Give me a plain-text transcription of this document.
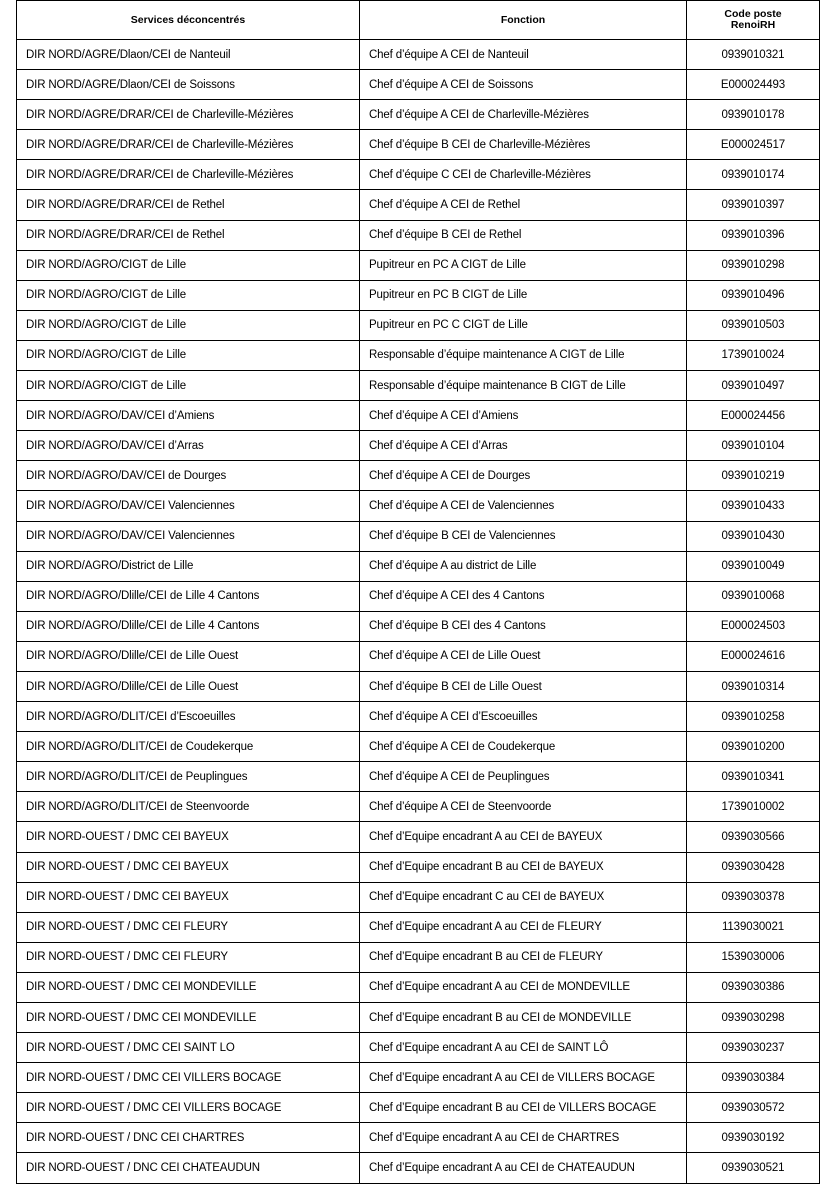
Services déconcentrés	Fonction	Code poste
RenoiRH
DIR NORD/AGRE/Dlaon/CEI de Nanteuil	Chef d’équipe A CEI de Nanteuil	0939010321
DIR NORD/AGRE/Dlaon/CEI de Soissons	Chef d’équipe A CEI de Soissons	E000024493
DIR NORD/AGRE/DRAR/CEI de Charleville-Mézières	Chef d’équipe A CEI de Charleville-Mézières	0939010178
DIR NORD/AGRE/DRAR/CEI de Charleville-Mézières	Chef d’équipe B CEI de Charleville-Mézières	E000024517
DIR NORD/AGRE/DRAR/CEI de Charleville-Mézières	Chef d’équipe C CEI de Charleville-Mézières	0939010174
DIR NORD/AGRE/DRAR/CEI de Rethel	Chef d’équipe A CEI de Rethel	0939010397
DIR NORD/AGRE/DRAR/CEI de Rethel	Chef d’équipe B CEI de Rethel	0939010396
DIR NORD/AGRO/CIGT de Lille	Pupitreur en PC A CIGT de Lille	0939010298
DIR NORD/AGRO/CIGT de Lille	Pupitreur en PC B CIGT de Lille	0939010496
DIR NORD/AGRO/CIGT de Lille	Pupitreur en PC C CIGT de Lille	0939010503
DIR NORD/AGRO/CIGT de Lille	Responsable d’équipe maintenance A CIGT de Lille	1739010024
DIR NORD/AGRO/CIGT de Lille	Responsable d’équipe maintenance B CIGT de Lille	0939010497
DIR NORD/AGRO/DAV/CEI d’Amiens	Chef d’équipe A CEI d’Amiens	E000024456
DIR NORD/AGRO/DAV/CEI d’Arras	Chef d’équipe A CEI d’Arras	0939010104
DIR NORD/AGRO/DAV/CEI de Dourges	Chef d’équipe A CEI de Dourges	0939010219
DIR NORD/AGRO/DAV/CEI Valenciennes	Chef d’équipe A CEI de Valenciennes	0939010433
DIR NORD/AGRO/DAV/CEI Valenciennes	Chef d’équipe B CEI de Valenciennes	0939010430
DIR NORD/AGRO/District de Lille	Chef d’équipe A au district de Lille	0939010049
DIR NORD/AGRO/Dlille/CEI de Lille 4 Cantons	Chef d’équipe A CEI des 4 Cantons	0939010068
DIR NORD/AGRO/Dlille/CEI de Lille 4 Cantons	Chef d’équipe B CEI des 4 Cantons	E000024503
DIR NORD/AGRO/Dlille/CEI de Lille Ouest	Chef d’équipe A CEI de Lille Ouest	E000024616
DIR NORD/AGRO/Dlille/CEI de Lille Ouest	Chef d’équipe B CEI de Lille Ouest	0939010314
DIR NORD/AGRO/DLIT/CEI d’Escoeuilles	Chef d’équipe A CEI d’Escoeuilles	0939010258
DIR NORD/AGRO/DLIT/CEI de Coudekerque	Chef d’équipe A CEI de Coudekerque	0939010200
DIR NORD/AGRO/DLIT/CEI de Peuplingues	Chef d’équipe A CEI de Peuplingues	0939010341
DIR NORD/AGRO/DLIT/CEI de Steenvoorde	Chef d’équipe A CEI de Steenvoorde	1739010002
DIR NORD-OUEST / DMC CEI BAYEUX	Chef d’Equipe encadrant A au CEI de BAYEUX	0939030566
DIR NORD-OUEST / DMC CEI BAYEUX	Chef d’Equipe encadrant B au CEI de BAYEUX	0939030428
DIR NORD-OUEST / DMC CEI BAYEUX	Chef d’Equipe encadrant C au CEI de BAYEUX	0939030378
DIR NORD-OUEST / DMC CEI FLEURY	Chef d’Equipe encadrant A au CEI de FLEURY	1139030021
DIR NORD-OUEST / DMC CEI FLEURY	Chef d’Equipe encadrant B au CEI de FLEURY	1539030006
DIR NORD-OUEST / DMC CEI MONDEVILLE	Chef d’Equipe encadrant A au CEI de MONDEVILLE	0939030386
DIR NORD-OUEST / DMC CEI MONDEVILLE	Chef d’Equipe encadrant B au CEI de MONDEVILLE	0939030298
DIR NORD-OUEST / DMC CEI SAINT LO	Chef d’Equipe encadrant A au CEI de SAINT LÔ	0939030237
DIR NORD-OUEST / DMC CEI VILLERS BOCAGE	Chef d’Equipe encadrant A au CEI de VILLERS BOCAGE	0939030384
DIR NORD-OUEST / DMC CEI VILLERS BOCAGE	Chef d’Equipe encadrant B au CEI de VILLERS BOCAGE	0939030572
DIR NORD-OUEST / DNC CEI CHARTRES	Chef d’Equipe encadrant A au CEI de CHARTRES	0939030192
DIR NORD-OUEST / DNC CEI CHATEAUDUN	Chef d’Equipe encadrant A au CEI de CHATEAUDUN	0939030521
